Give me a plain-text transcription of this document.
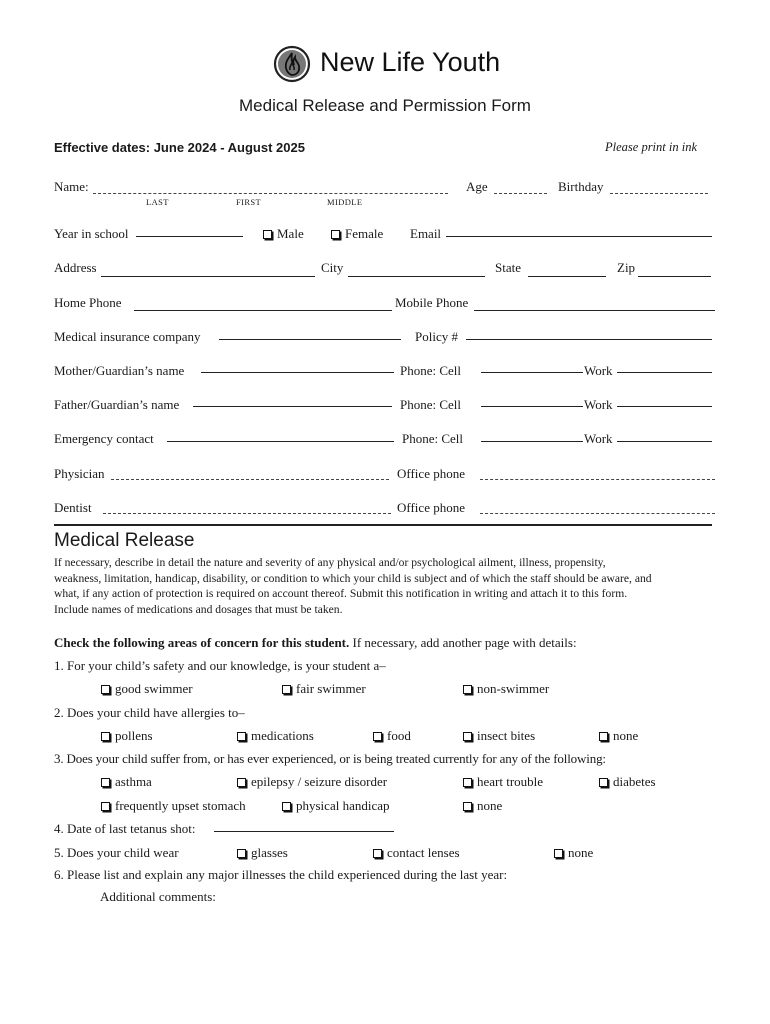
New Life Youth
Medical Release and Permission Form
Effective dates: June 2024 - August 2025	Please print in ink
Name:
LAST	FIRST	MIDDLE
Age	Birthday
Year in school	Male	Female Email
Address	City	State	Zip
Home Phone	Mobile Phone
Medical insurance company	Policy #
Mother/Guardian’s name	Phone: Cell	Work
Father/Guardian’s name	Phone: Cell	Work
Emergency contact	Phone: Cell	Work
Physician	Office phone
Dentist	Office phone
Medical Release
If necessary, describe in detail the nature and severity of any physical and/or psychological ailment, illness, propensity,
weakness, limitation, handicap, disability, or condition to which your child is subject and of which the staff should be aware, and
what, if any action of protection is required on account thereof. Submit this notification in writing and attach it to this form.
Include names of medications and dosages that must be taken.
Check the following areas of concern for this student. If necessary, add another page with details:
1. For your child’s safety and our knowledge, is your student a–
good swimmer	fair swimmer	non-swimmer
2. Does your child have allergies to–
pollens	medications	food	insect bites	none
3. Does your child suffer from, or has ever experienced, or is being treated currently for any of the following:
asthma	epilepsy / seizure disorder	heart trouble	diabetes
frequently upset stomach	physical handicap	none
4. Date of last tetanus shot:
5. Does your child wear	glasses	contact lenses	none
6. Please list and explain any major illnesses the child experienced during the last year:
Additional comments:
